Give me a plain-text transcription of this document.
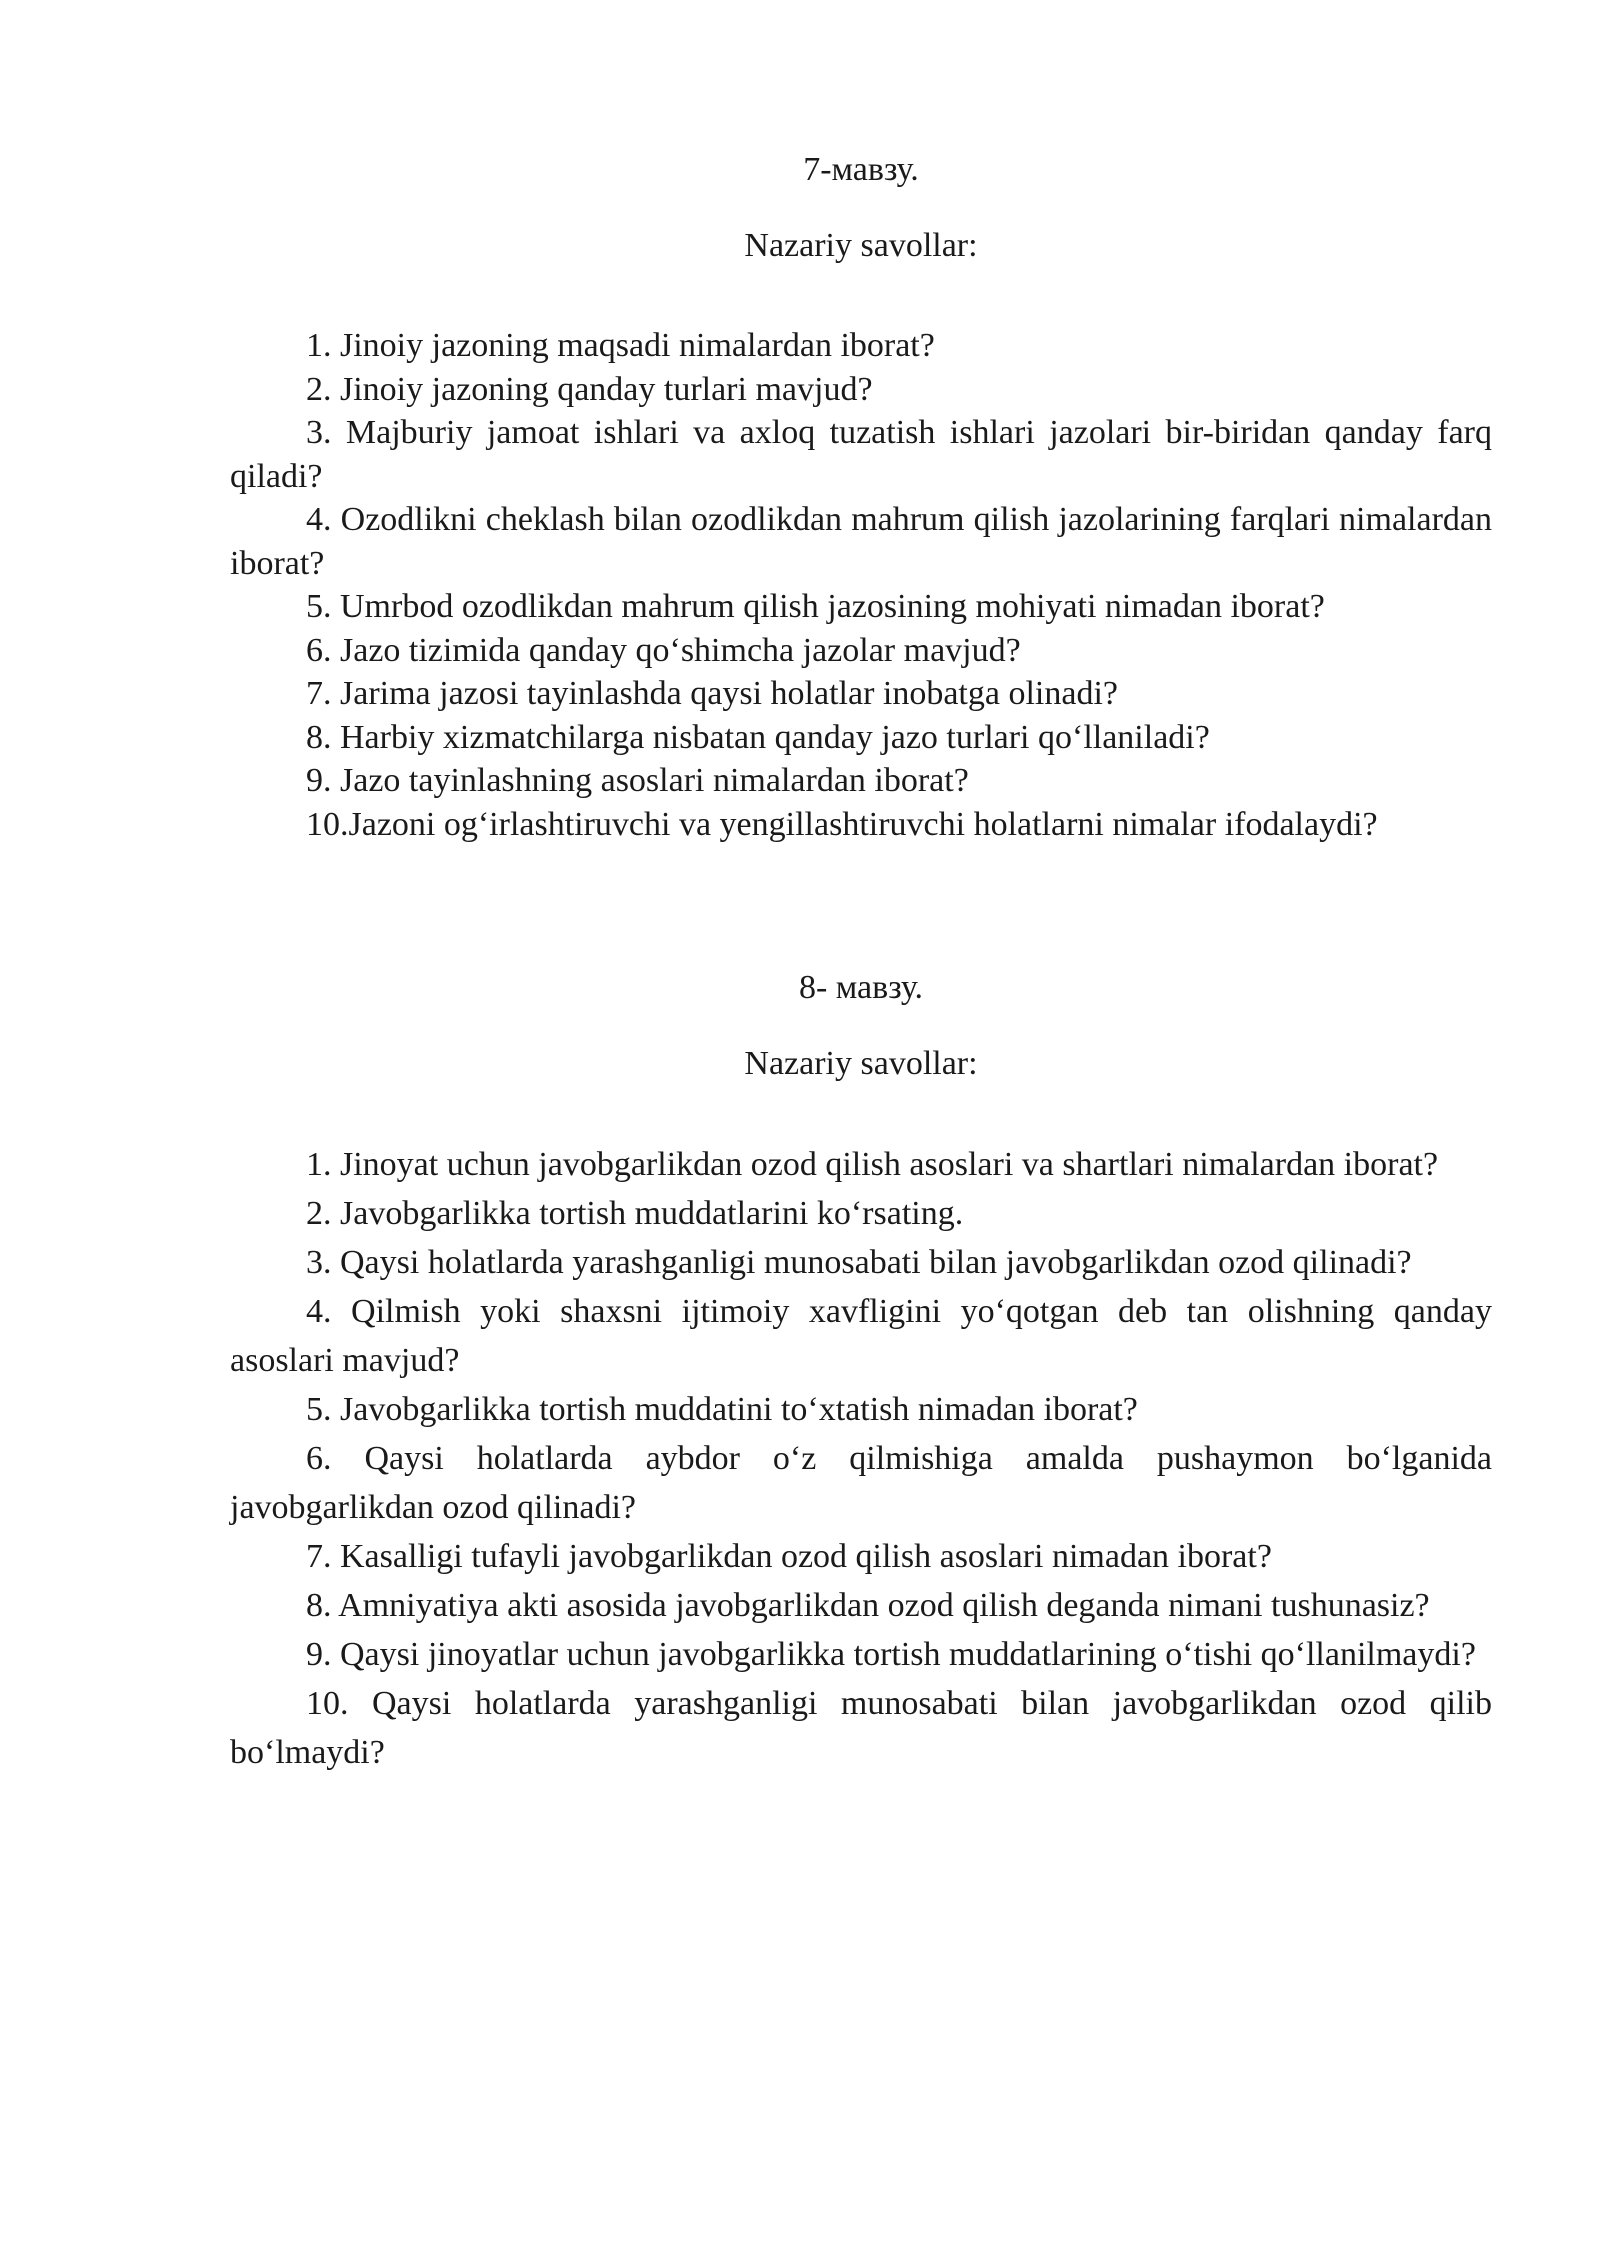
7-мавзу.
Nazariy savollar:
1. Jinoiy jazoning maqsadi nimalardan iborat?
2. Jinoiy jazoning qanday turlari mavjud?
3. Majburiy jamoat ishlari va axloq tuzatish ishlari jazolari bir-biridan qanday farq qiladi?
4. Ozodlikni cheklash bilan ozodlikdan mahrum qilish jazolarining farqlari nimalardan iborat?
5. Umrbod ozodlikdan mahrum qilish jazosining mohiyati nimadan iborat?
6. Jazo tizimida qanday qo‘shimcha jazolar mavjud?
7. Jarima jazosi tayinlashda qaysi holatlar inobatga olinadi?
8. Harbiy xizmatchilarga nisbatan qanday jazo turlari qo‘llaniladi?
9. Jazo tayinlashning asoslari nimalardan iborat?
10.Jazoni og‘irlashtiruvchi va yengillashtiruvchi holatlarni nimalar ifodalaydi?
8- мавзу.
Nazariy savollar:
1. Jinoyat uchun javobgarlikdan ozod qilish asoslari va shartlari nimalardan iborat?
2. Javobgarlikka tortish muddatlarini ko‘rsating.
3. Qaysi holatlarda yarashganligi munosabati bilan javobgarlikdan ozod qilinadi?
4. Qilmish yoki shaxsni ijtimoiy xavfligini yo‘qotgan deb tan olishning qanday asoslari mavjud?
5. Javobgarlikka tortish muddatini to‘xtatish nimadan iborat?
6. Qaysi holatlarda aybdor o‘z qilmishiga amalda pushaymon bo‘lganida javobgarlikdan ozod qilinadi?
7. Kasalligi tufayli javobgarlikdan ozod qilish asoslari nimadan iborat?
8. Amniyatiya akti asosida javobgarlikdan ozod qilish deganda nimani tushunasiz?
9. Qaysi jinoyatlar uchun javobgarlikka tortish muddatlarining o‘tishi qo‘llanilmaydi?
10. Qaysi holatlarda yarashganligi munosabati bilan javobgarlikdan ozod qilib bo‘lmaydi?
